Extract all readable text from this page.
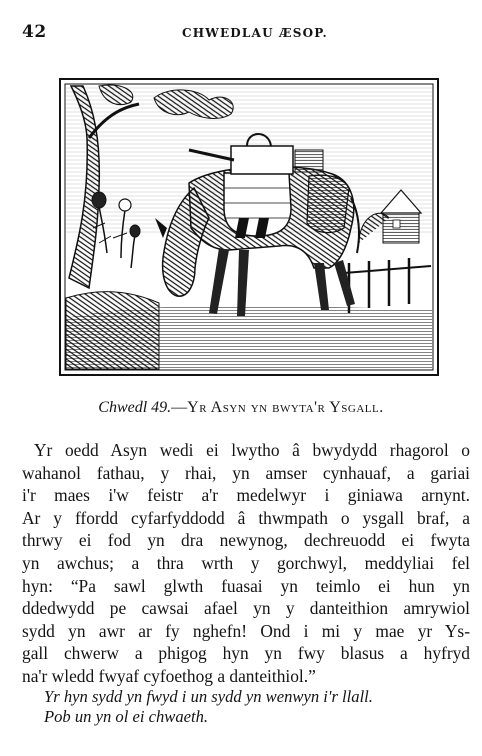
42	CHWEDLAU ÆSOP.
Chwedl 49.—Yr Asyn yn bwyta'r Ysgall.
Yr oedd Asyn wedi ei lwytho â bwydydd rhagorol o
wahanol fathau, y rhai, yn amser cynhauaf, a gariai
i'r maes i'w feistr a'r medelwyr i giniawa arnynt.
Ar y ffordd cyfarfyddodd â thwmpath o ysgall braf, a
thrwy ei fod yn dra newynog, dechreuodd ei fwyta
yn awchus; a thra wrth y gorchwyl, meddyliai fel
hyn: “Pa sawl glwth fuasai yn teimlo ei hun yn
ddedwydd pe cawsai afael yn y danteithion amrywiol
sydd yn awr ar fy nghefn! Ond i mi y mae yr Ys-
gall chwerw a phigog hyn yn fwy blasus a hyfryd
na'r wledd fwyaf cyfoethog a danteithiol.”
Yr hyn sydd yn fwyd i un sydd yn wenwyn i'r llall.
Pob un yn ol ei chwaeth.
